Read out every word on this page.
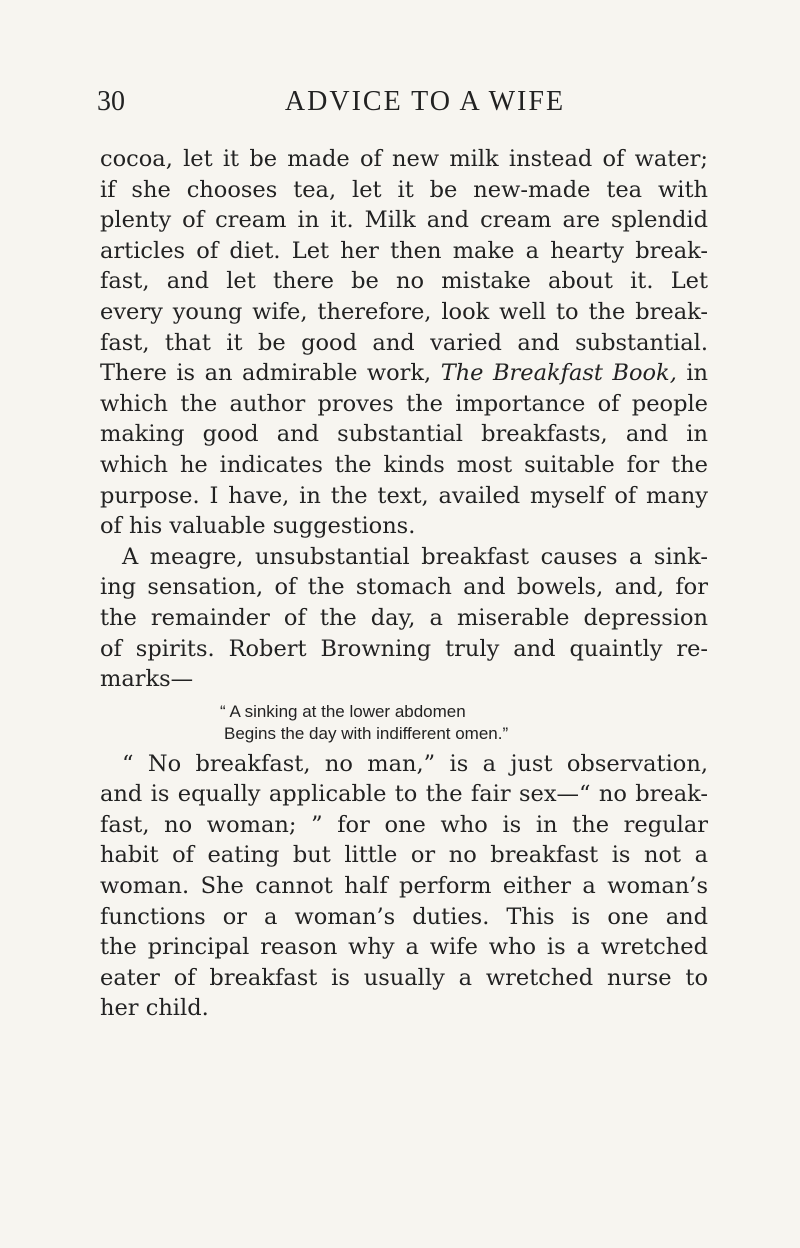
30	ADVICE TO A WIFE
cocoa, let it be made of new milk instead of water;
if she chooses tea, let it be new-made tea with
plenty of cream in it. Milk and cream are splendid
articles of diet. Let her then make a hearty break-
fast, and let there be no mistake about it. Let
every young wife, therefore, look well to the break-
fast, that it be good and varied and substantial.
There is an admirable work, The Breakfast Book, in
which the author proves the importance of people
making good and substantial breakfasts, and in
which he indicates the kinds most suitable for the
purpose. I have, in the text, availed myself of many
of his valuable suggestions.
A meagre, unsubstantial breakfast causes a sink-
ing sensation, of the stomach and bowels, and, for
the remainder of the day, a miserable depression
of spirits. Robert Browning truly and quaintly re-
marks—
“ A sinking at the lower abdomen
Begins the day with indifferent omen.”
“ No breakfast, no man,” is a just observation,
and is equally applicable to the fair sex—“ no break-
fast, no woman; ” for one who is in the regular
habit of eating but little or no breakfast is not a
woman. She cannot half perform either a woman’s
functions or a woman’s duties. This is one and
the principal reason why a wife who is a wretched
eater of breakfast is usually a wretched nurse to
her child.
